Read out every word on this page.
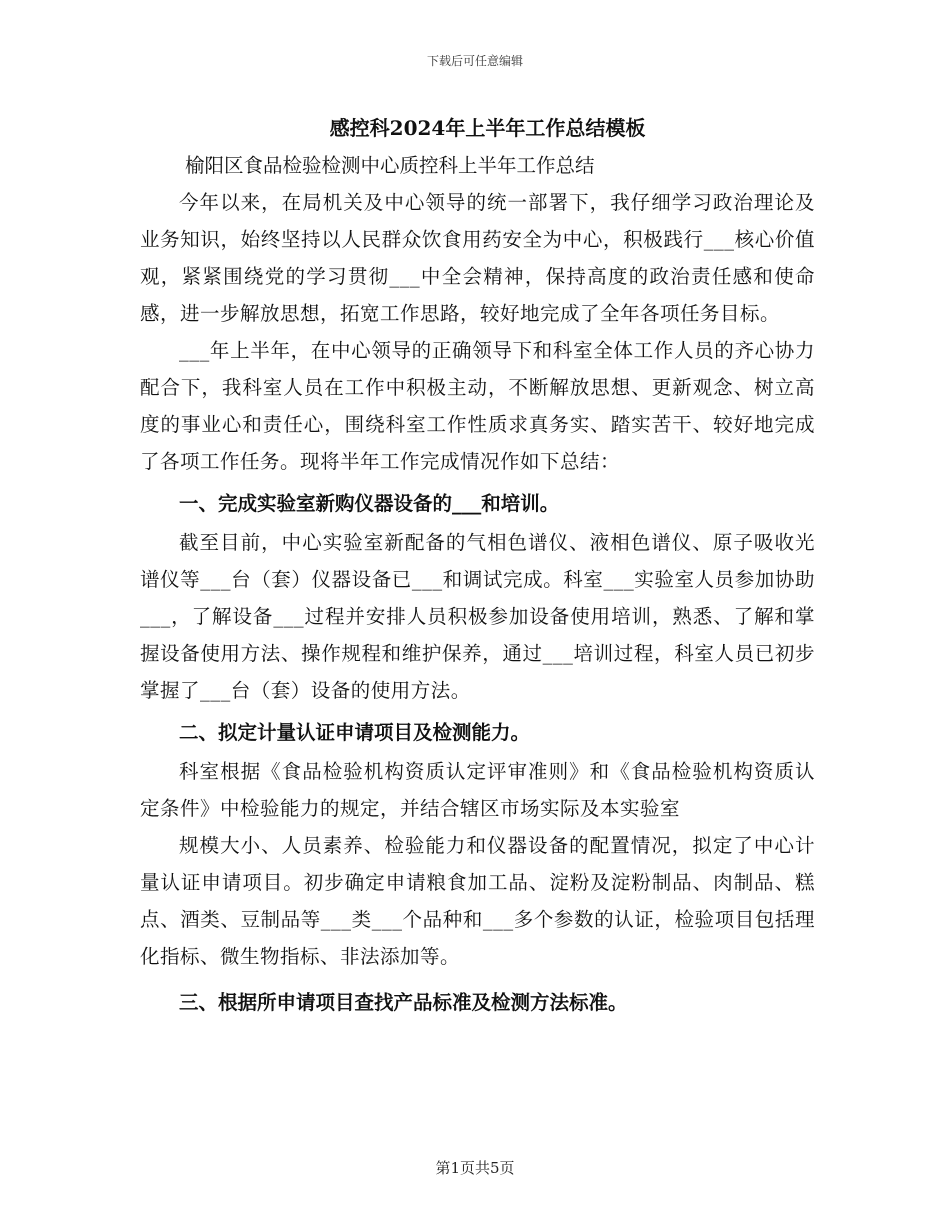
下载后可任意编辑
感控科2024年上半年工作总结模板

榆阳区食品检验检测中心质控科上半年工作总结

今年以来，在局机关及中心领导的统一部署下，我仔细学习政治理论及业务知识，始终坚持以人民群众饮食用药安全为中心，积极践行___核心价值观，紧紧围绕党的学习贯彻___中全会精神，保持高度的政治责任感和使命感，进一步解放思想，拓宽工作思路，较好地完成了全年各项任务目标。

___年上半年，在中心领导的正确领导下和科室全体工作人员的齐心协力配合下，我科室人员在工作中积极主动，不断解放思想、更新观念、树立高度的事业心和责任心，围绕科室工作性质求真务实、踏实苦干、较好地完成了各项工作任务。现将半年工作完成情况作如下总结：

一、完成实验室新购仪器设备的___和培训。

截至目前，中心实验室新配备的气相色谱仪、液相色谱仪、原子吸收光谱仪等___台（套）仪器设备已___和调试完成。科室___实验室人员参加协助___，了解设备___过程并安排人员积极参加设备使用培训，熟悉、了解和掌握设备使用方法、操作规程和维护保养，通过___培训过程，科室人员已初步掌握了___台（套）设备的使用方法。

二、拟定计量认证申请项目及检测能力。

科室根据《食品检验机构资质认定评审准则》和《食品检验机构资质认定条件》中检验能力的规定，并结合辖区市场实际及本实验室

规模大小、人员素养、检验能力和仪器设备的配置情况，拟定了中心计量认证申请项目。初步确定申请粮食加工品、淀粉及淀粉制品、肉制品、糕点、酒类、豆制品等___类___个品种和___多个参数的认证，检验项目包括理化指标、微生物指标、非法添加等。

三、根据所申请项目查找产品标准及检测方法标准。

第1页共5页
